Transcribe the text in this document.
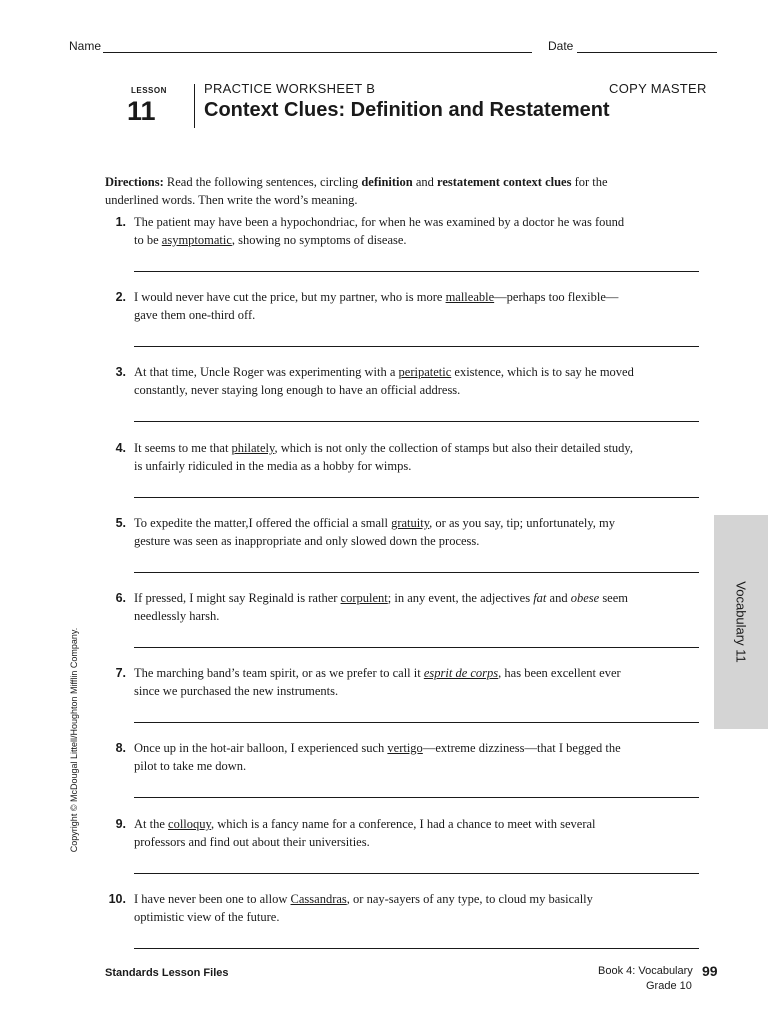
Name	Date
LESSON
11
PRACTICE WORKSHEET B	COPY MASTER
Context Clues: Definition and Restatement
Directions: Read the following sentences, circling definition and restatement context clues for the underlined words. Then write the word’s meaning.
1. The patient may have been a hypochondriac, for when he was examined by a doctor he was found to be asymptomatic, showing no symptoms of disease.
2. I would never have cut the price, but my partner, who is more malleable—perhaps too flexible—gave them one-third off.
3. At that time, Uncle Roger was experimenting with a peripatetic existence, which is to say he moved constantly, never staying long enough to have an official address.
4. It seems to me that philately, which is not only the collection of stamps but also their detailed study, is unfairly ridiculed in the media as a hobby for wimps.
5. To expedite the matter,I offered the official a small gratuity, or as you say, tip; unfortunately, my gesture was seen as inappropriate and only slowed down the process.
6. If pressed, I might say Reginald is rather corpulent; in any event, the adjectives fat and obese seem needlessly harsh.
7. The marching band’s team spirit, or as we prefer to call it esprit de corps, has been excellent ever since we purchased the new instruments.
8. Once up in the hot-air balloon, I experienced such vertigo—extreme dizziness—that I begged the pilot to take me down.
9. At the colloquy, which is a fancy name for a conference, I had a chance to meet with several professors and find out about their universities.
10. I have never been one to allow Cassandras, or nay-sayers of any type, to cloud my basically optimistic view of the future.
Vocabulary 11
Copyright © McDougal Littell/Houghton Mifflin Company.
Standards Lesson Files	Book 4: Vocabulary
Grade 10
99
